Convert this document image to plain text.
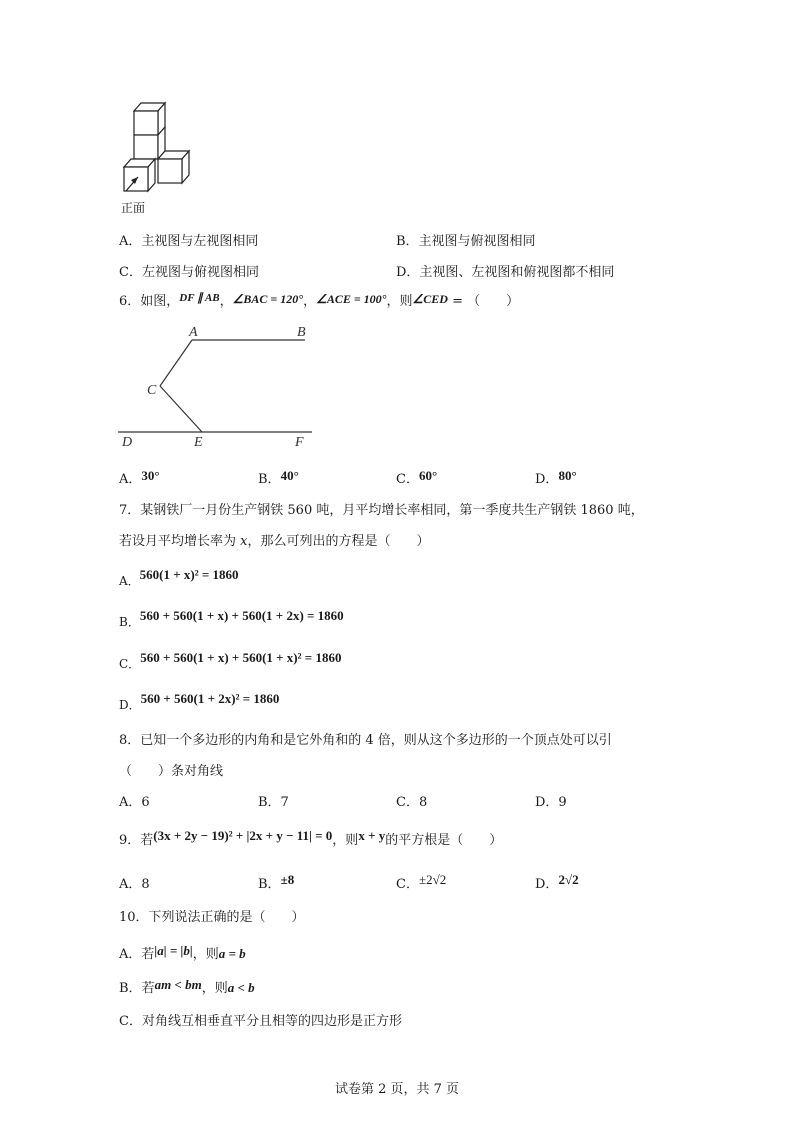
正面
A．主视图与左视图相同	B．主视图与俯视图相同
C．左视图与俯视图相同	D．主视图、左视图和俯视图都不相同
6．如图，$^{DF \parallel AB}$，∠BAC = 120°，∠ACE = 100°，则∠CED = （　　）
A	B
C
D	E	F
A．30°	B．40°	C．60°	D．80°
7．某钢铁厂一月份生产钢铁 560 吨，月平均增长率相同，第一季度共生产钢铁 1860 吨，
若设月平均增长率为 x，那么可列出的方程是（　　）
A．560(1 + x)² = 1860
B．560 + 560(1 + x) + 560(1 + 2x) = 1860
C．560 + 560(1 + x) + 560(1 + x)² = 1860
D．560 + 560(1 + 2x)² = 1860
8．已知一个多边形的内角和是它外角和的 4 倍，则从这个多边形的一个顶点处可以引
（　　）条对角线
A．6	B．7	C．8	D．9
9．若(3x + 2y − 19)² + |2x + y − 11| = 0，则x + y的平方根是（　　）
A．8	B．±8	C．±2√2	D．2√2
10．下列说法正确的是（　　）
A．若|a| = |b|，则a = b
B．若am < bm，则a < b
C．对角线互相垂直平分且相等的四边形是正方形
试卷第 2 页，共 7 页
